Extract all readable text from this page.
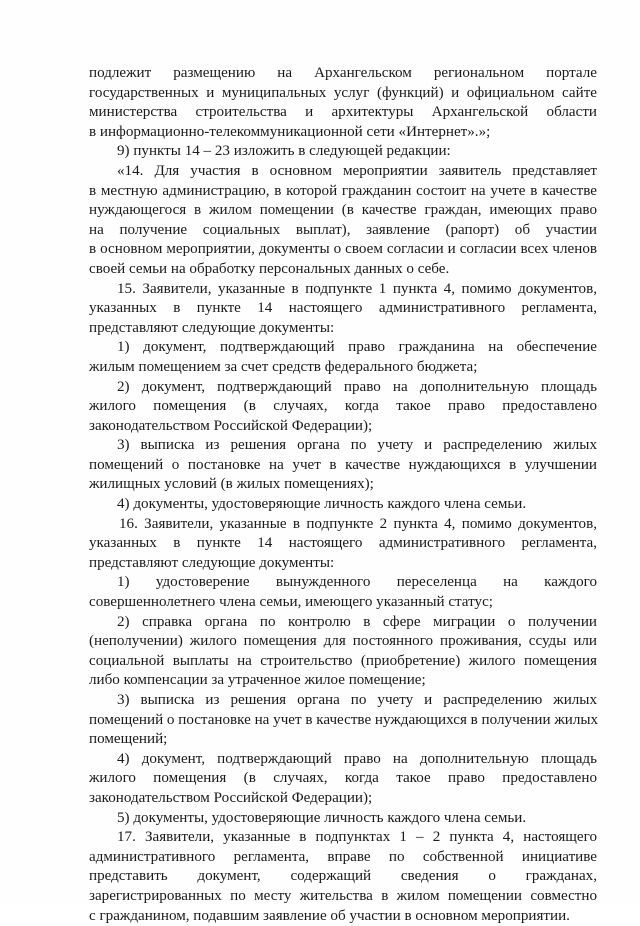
подлежит размещению на Архангельском региональном портале
государственных и муниципальных услуг (функций) и официальном сайте
министерства строительства и архитектуры Архангельской области
в информационно-телекоммуникационной сети «Интернет».»;
9) пункты 14 – 23 изложить в следующей редакции:
«14. Для участия в основном мероприятии заявитель представляет
в местную администрацию, в которой гражданин состоит на учете в качестве
нуждающегося в жилом помещении (в качестве граждан, имеющих право
на получение социальных выплат), заявление (рапорт) об участии
в основном мероприятии, документы о своем согласии и согласии всех членов
своей семьи на обработку персональных данных о себе.
15. Заявители, указанные в подпункте 1 пункта 4, помимо документов,
указанных в пункте 14 настоящего административного регламента,
представляют следующие документы:
1) документ, подтверждающий право гражданина на обеспечение
жилым помещением за счет средств федерального бюджета;
2) документ, подтверждающий право на дополнительную площадь
жилого помещения (в случаях, когда такое право предоставлено
законодательством Российской Федерации);
3) выписка из решения органа по учету и распределению жилых
помещений о постановке на учет в качестве нуждающихся в улучшении
жилищных условий (в жилых помещениях);
4) документы, удостоверяющие личность каждого члена семьи.
16. Заявители, указанные в подпункте 2 пункта 4, помимо документов,
указанных в пункте 14 настоящего административного регламента,
представляют следующие документы:
1) удостоверение вынужденного переселенца на каждого
совершеннолетнего члена семьи, имеющего указанный статус;
2) справка органа по контролю в сфере миграции о получении
(неполучении) жилого помещения для постоянного проживания, ссуды или
социальной выплаты на строительство (приобретение) жилого помещения
либо компенсации за утраченное жилое помещение;
3) выписка из решения органа по учету и распределению жилых
помещений о постановке на учет в качестве нуждающихся в получении жилых
помещений;
4) документ, подтверждающий право на дополнительную площадь
жилого помещения (в случаях, когда такое право предоставлено
законодательством Российской Федерации);
5) документы, удостоверяющие личность каждого члена семьи.
17. Заявители, указанные в подпунктах 1 – 2 пункта 4, настоящего
административного регламента, вправе по собственной инициативе
представить документ, содержащий сведения о гражданах,
зарегистрированных по месту жительства в жилом помещении совместно
с гражданином, подавшим заявление об участии в основном мероприятии.
